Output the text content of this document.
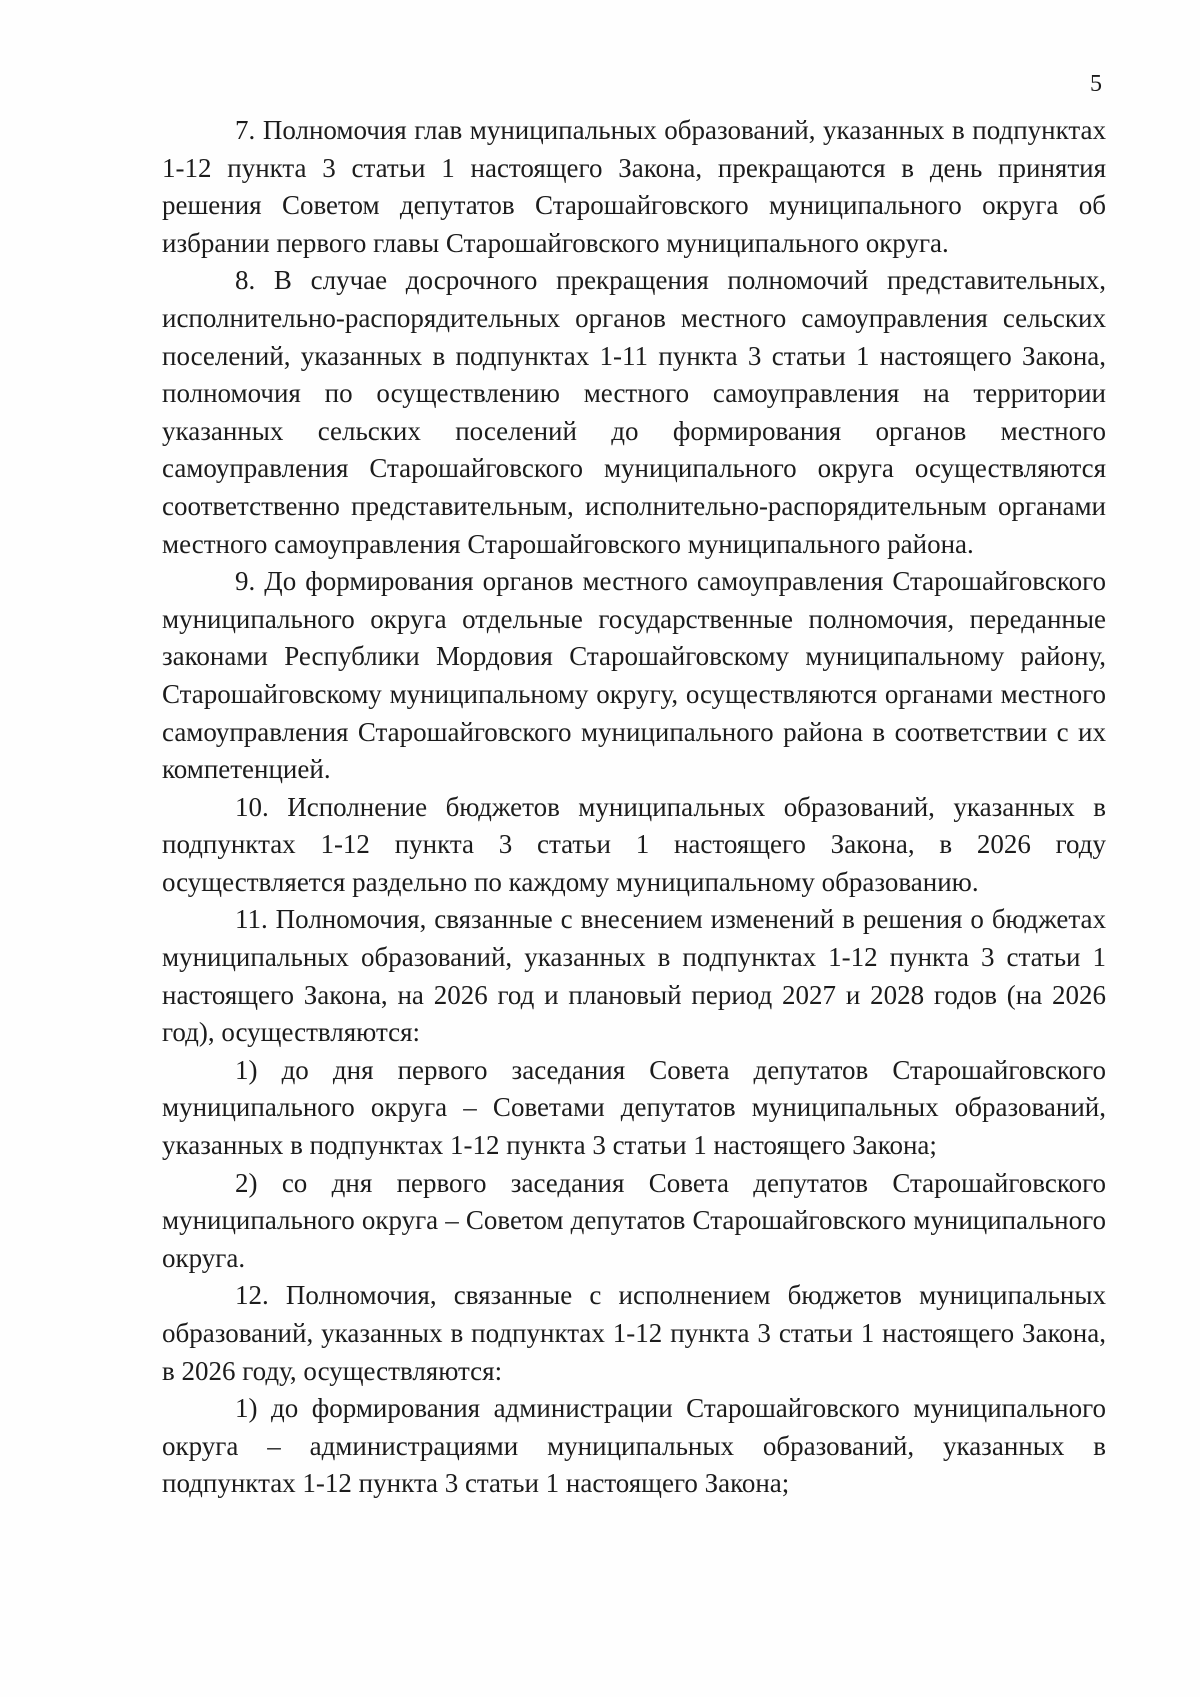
5

7. Полномочия глав муниципальных образований, указанных в подпунктах 1-12 пункта 3 статьи 1 настоящего Закона, прекращаются в день принятия решения Советом депутатов Старошайговского муниципального округа об избрании первого главы Старошайговского муниципального округа.

8. В случае досрочного прекращения полномочий представительных, исполнительно-распорядительных органов местного самоуправления сельских поселений, указанных в подпунктах 1-11 пункта 3 статьи 1 настоящего Закона, полномочия по осуществлению местного самоуправления на территории указанных сельских поселений до формирования органов местного самоуправления Старошайговского муниципального округа осуществляются соответственно представительным, исполнительно-распорядительным органами местного самоуправления Старошайговского муниципального района.

9. До формирования органов местного самоуправления Старошайговского муниципального округа отдельные государственные полномочия, переданные законами Республики Мордовия Старошайговскому муниципальному району, Старошайговскому муниципальному округу, осуществляются органами местного самоуправления Старошайговского муниципального района в соответствии с их компетенцией.

10. Исполнение бюджетов муниципальных образований, указанных в подпунктах 1-12 пункта 3 статьи 1 настоящего Закона, в 2026 году осуществляется раздельно по каждому муниципальному образованию.

11. Полномочия, связанные с внесением изменений в решения о бюджетах муниципальных образований, указанных в подпунктах 1-12 пункта 3 статьи 1 настоящего Закона, на 2026 год и плановый период 2027 и 2028 годов (на 2026 год), осуществляются:

1) до дня первого заседания Совета депутатов Старошайговского муниципального округа – Советами депутатов муниципальных образований, указанных в подпунктах 1-12 пункта 3 статьи 1 настоящего Закона;

2) со дня первого заседания Совета депутатов Старошайговского муниципального округа – Советом депутатов Старошайговского муниципального округа.

12. Полномочия, связанные с исполнением бюджетов муниципальных образований, указанных в подпунктах 1-12 пункта 3 статьи 1 настоящего Закона, в 2026 году, осуществляются:

1) до формирования администрации Старошайговского муниципального округа – администрациями муниципальных образований, указанных в подпунктах 1-12 пункта 3 статьи 1 настоящего Закона;
